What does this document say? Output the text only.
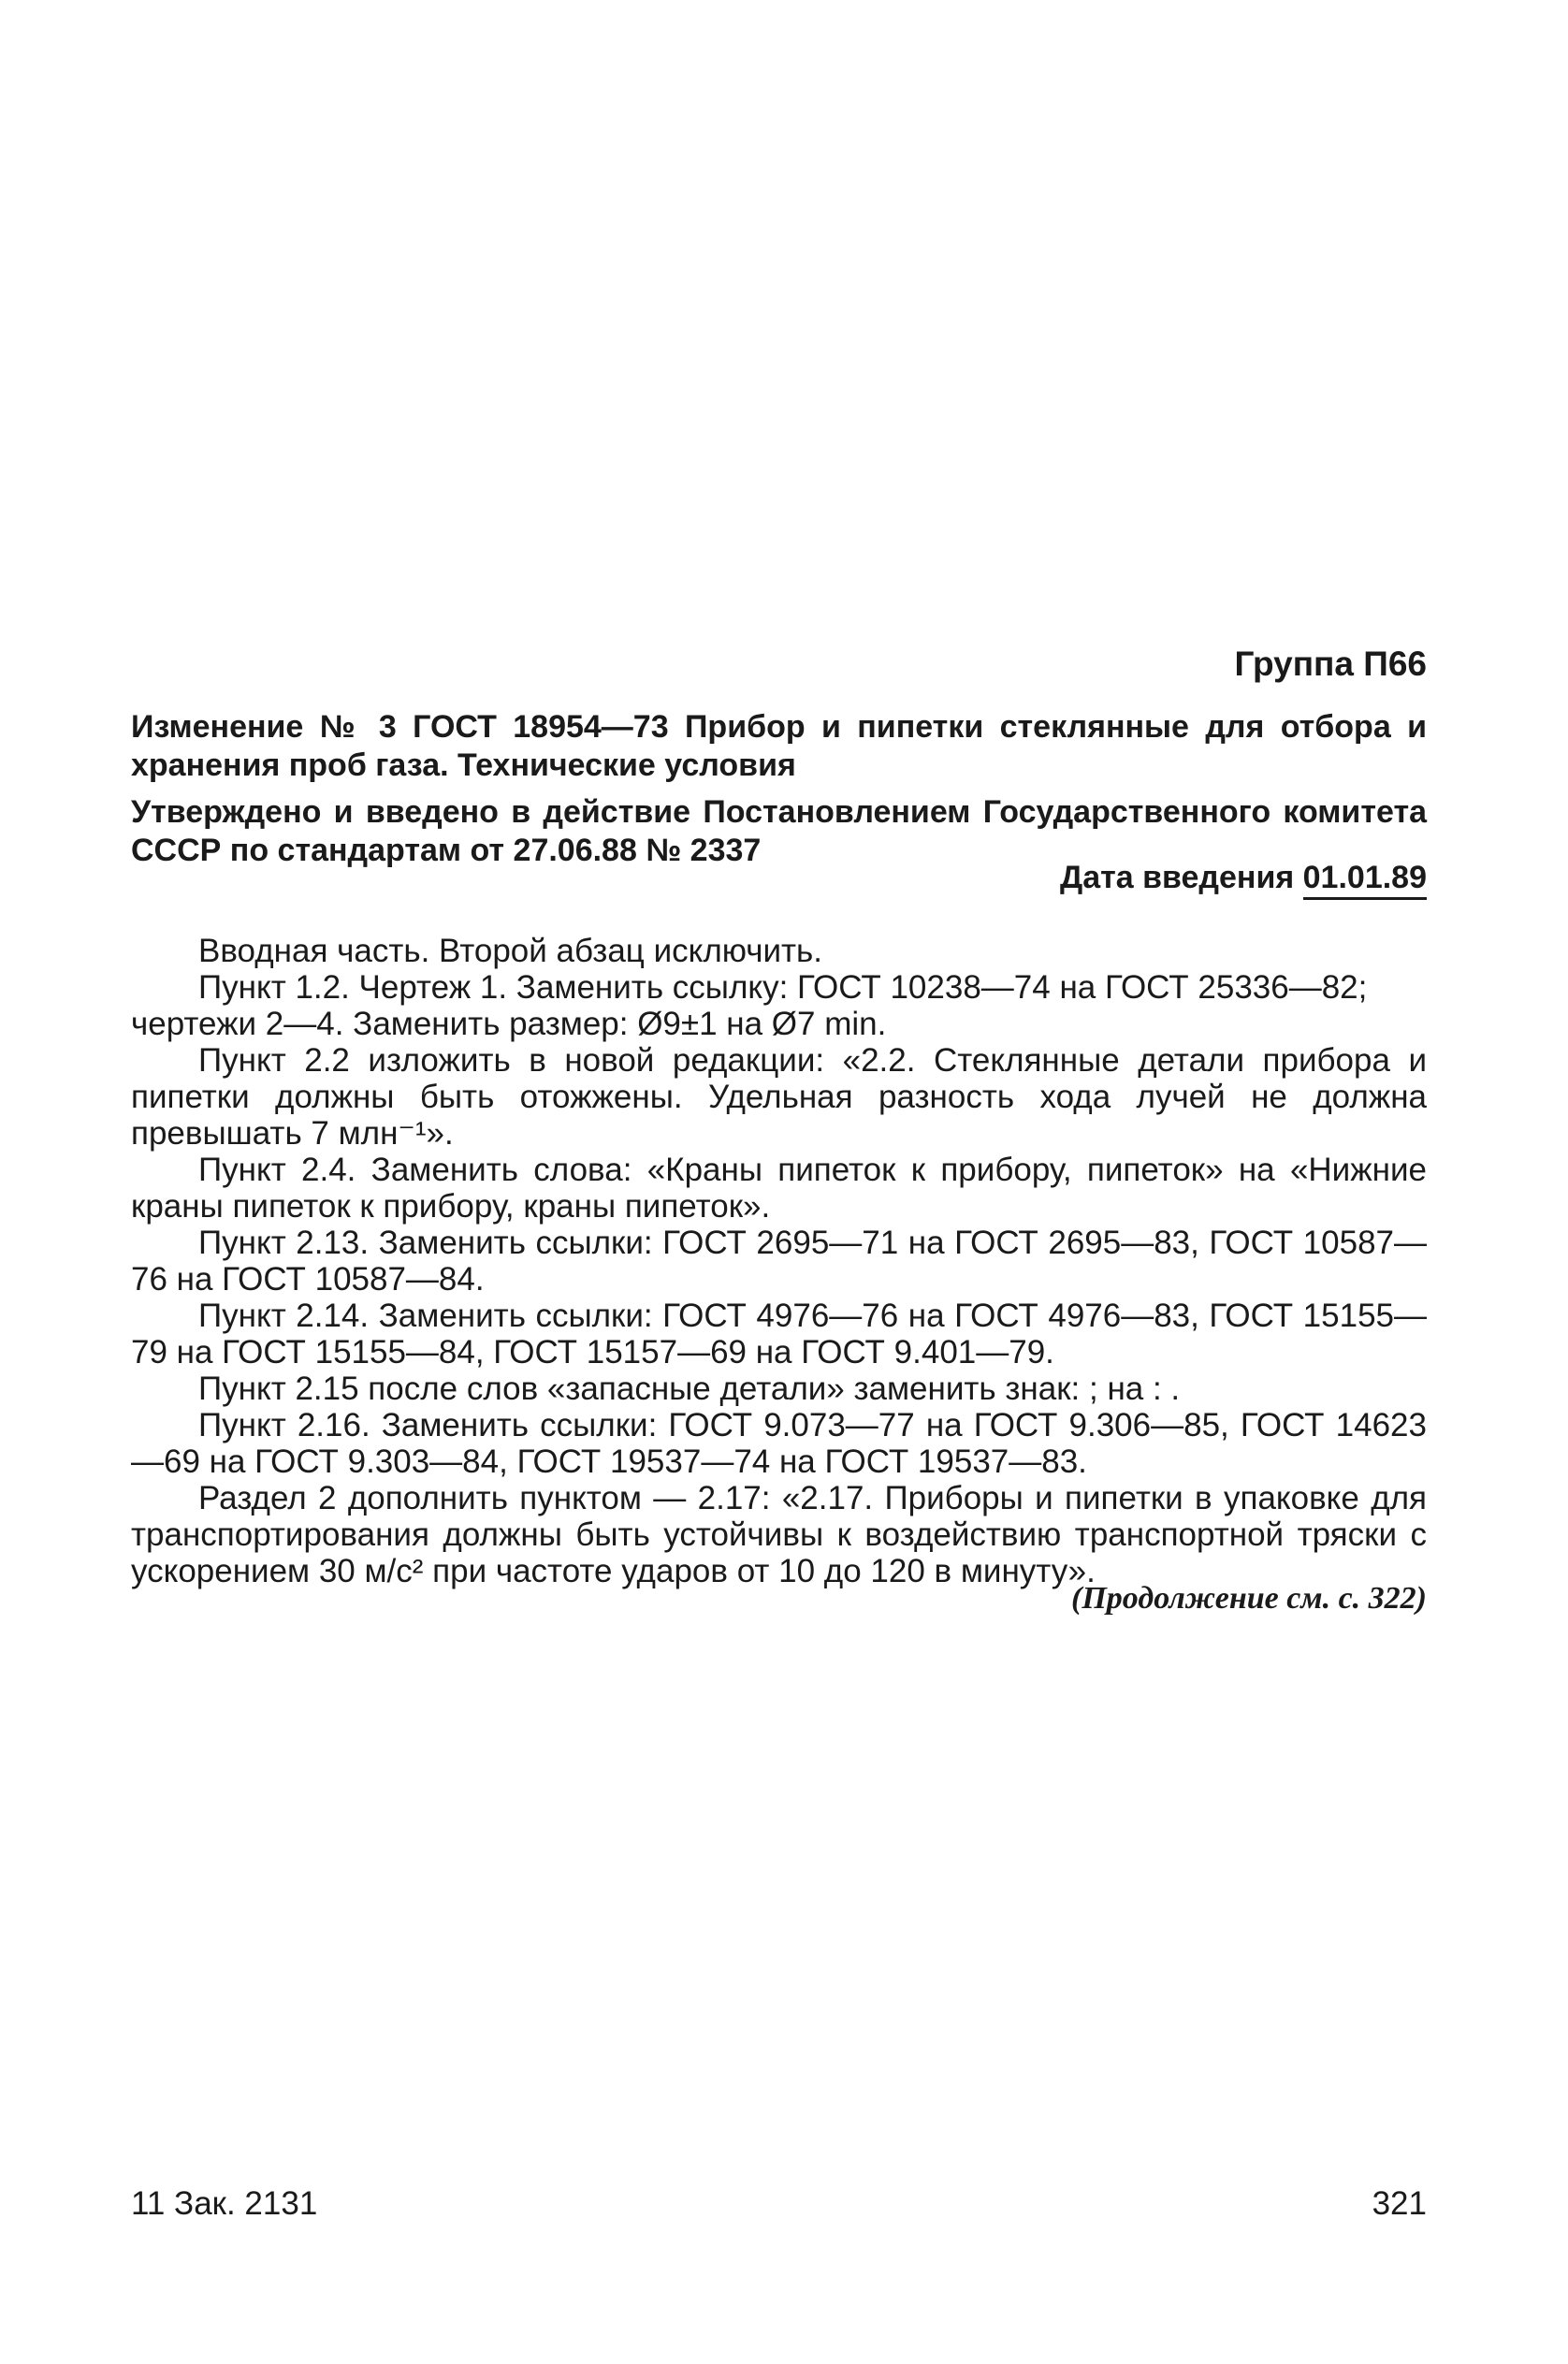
Группа П66
Изменение № 3 ГОСТ 18954—73 Прибор и пипетки стеклянные для отбора и хранения проб газа. Технические условия
Утверждено и введено в действие Постановлением Государственного комитета СССР по стандартам от 27.06.88 № 2337
Дата введения 01.01.89

Вводная часть. Второй абзац исключить.

Пункт 1.2. Чертеж 1. Заменить ссылку: ГОСТ 10238—74 на ГОСТ 25336—82;

чертежи 2—4. Заменить размер: Ø9±1 на Ø7 min.

Пункт 2.2 изложить в новой редакции: «2.2. Стеклянные детали прибора и пипетки должны быть отожжены. Удельная разность хода лучей не должна превышать 7 млн⁻¹».

Пункт 2.4. Заменить слова: «Краны пипеток к прибору, пипеток» на «Нижние краны пипеток к прибору, краны пипеток».

Пункт 2.13. Заменить ссылки: ГОСТ 2695—71 на ГОСТ 2695—83, ГОСТ 10587—76 на ГОСТ 10587—84.

Пункт 2.14. Заменить ссылки: ГОСТ 4976—76 на ГОСТ 4976—83, ГОСТ 15155—79 на ГОСТ 15155—84, ГОСТ 15157—69 на ГОСТ 9.401—79.

Пункт 2.15 после слов «запасные детали» заменить знак: ; на : .

Пункт 2.16. Заменить ссылки: ГОСТ 9.073—77 на ГОСТ 9.306—85, ГОСТ 14623—69 на ГОСТ 9.303—84, ГОСТ 19537—74 на ГОСТ 19537—83.

Раздел 2 дополнить пунктом — 2.17: «2.17. Приборы и пипетки в упаковке для транспортирования должны быть устойчивы к воздействию транспортной тряски с ускорением 30 м/с² при частоте ударов от 10 до 120 в минуту».

(Продолжение см. с. 322)
11 Зак. 2131	321
